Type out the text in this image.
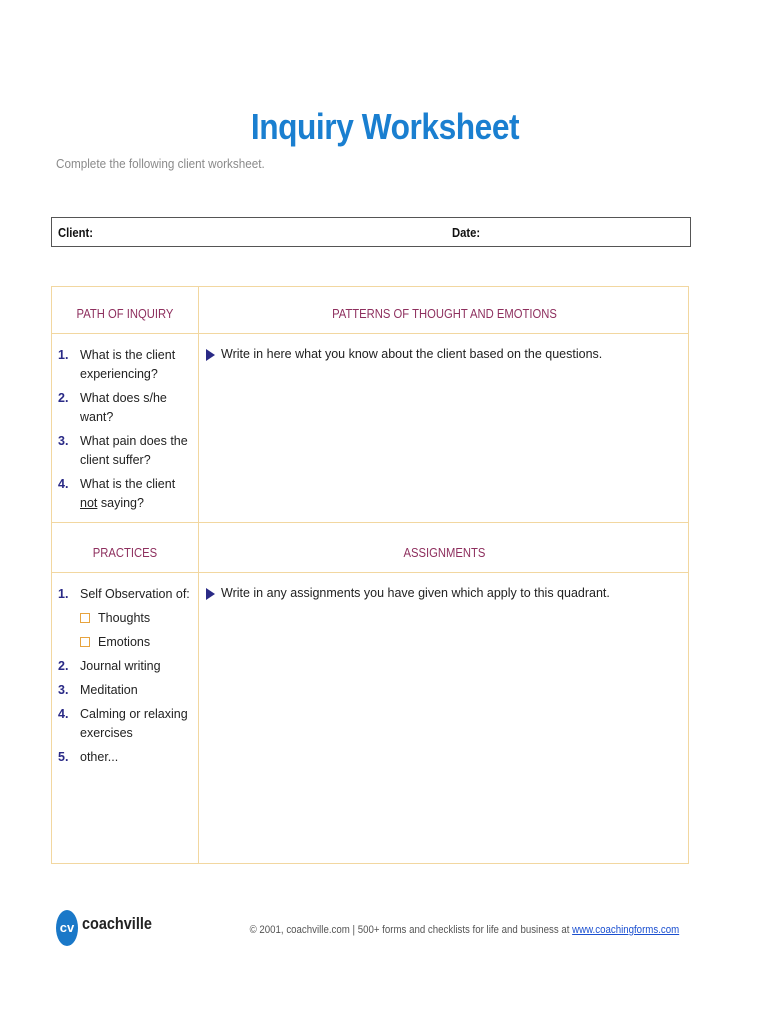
Inquiry Worksheet
Complete the following client worksheet.
Client:	Date:
PATH OF INQUIRY	PATTERNS OF THOUGHT AND EMOTIONS
1. What is the client experiencing?
2. What does s/he want?
3. What pain does the client suffer?
4. What is the client not saying?
Write in here what you know about the client based on the questions.
PRACTICES	ASSIGNMENTS
1. Self Observation of:
Thoughts
Emotions
2. Journal writing
3. Meditation
4. Calming or relaxing exercises
5. other...
Write in any assignments you have given which apply to this quadrant.
cv coachville	© 2001, coachville.com | 500+ forms and checklists for life and business at www.coachingforms.com
